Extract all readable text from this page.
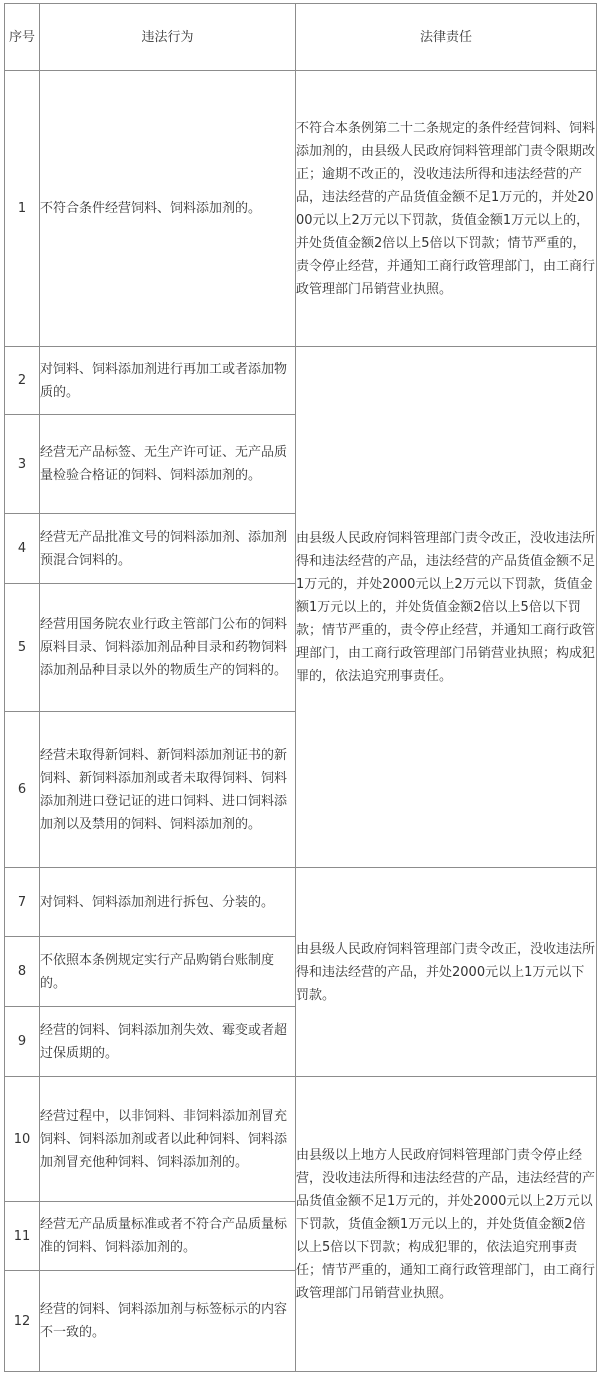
序号	违法行为	法律责任
1	不符合条件经营饲料、饲料添加剂的。	不符合本条例第二十二条规定的条件经营饲料、饲料添加剂的，由县级人民政府饲料管理部门责令限期改正；逾期不改正的，没收违法所得和违法经营的产品，违法经营的产品货值金额不足1万元的，并处2000元以上2万元以下罚款，货值金额1万元以上的，并处货值金额2倍以上5倍以下罚款；情节严重的，责令停止经营，并通知工商行政管理部门，由工商行政管理部门吊销营业执照。
2	对饲料、饲料添加剂进行再加工或者添加物质的。	由县级人民政府饲料管理部门责令改正，没收违法所得和违法经营的产品，违法经营的产品货值金额不足1万元的，并处2000元以上2万元以下罚款，货值金额1万元以上的，并处货值金额2倍以上5倍以下罚款；情节严重的，责令停止经营，并通知工商行政管理部门，由工商行政管理部门吊销营业执照；构成犯罪的，依法追究刑事责任。
3	经营无产品标签、无生产许可证、无产品质量检验合格证的饲料、饲料添加剂的。	
4	经营无产品批准文号的饲料添加剂、添加剂预混合饲料的。	
5	经营用国务院农业行政主管部门公布的饲料原料目录、饲料添加剂品种目录和药物饲料添加剂品种目录以外的物质生产的饲料的。	
6	经营未取得新饲料、新饲料添加剂证书的新饲料、新饲料添加剂或者未取得饲料、饲料添加剂进口登记证的进口饲料、进口饲料添加剂以及禁用的饲料、饲料添加剂的。	
7	对饲料、饲料添加剂进行拆包、分装的。	由县级人民政府饲料管理部门责令改正，没收违法所得和违法经营的产品，并处2000元以上1万元以下罚款。
8	不依照本条例规定实行产品购销台账制度的。	
9	经营的饲料、饲料添加剂失效、霉变或者超过保质期的。	
10	经营过程中，以非饲料、非饲料添加剂冒充饲料、饲料添加剂或者以此种饲料、饲料添加剂冒充他种饲料、饲料添加剂的。	由县级以上地方人民政府饲料管理部门责令停止经营，没收违法所得和违法经营的产品，违法经营的产品货值金额不足1万元的，并处2000元以上2万元以下罚款，货值金额1万元以上的，并处货值金额2倍以上5倍以下罚款；构成犯罪的，依法追究刑事责任；情节严重的，通知工商行政管理部门，由工商行政管理部门吊销营业执照。
11	经营无产品质量标准或者不符合产品质量标准的饲料、饲料添加剂的。	
12	经营的饲料、饲料添加剂与标签标示的内容不一致的。	
